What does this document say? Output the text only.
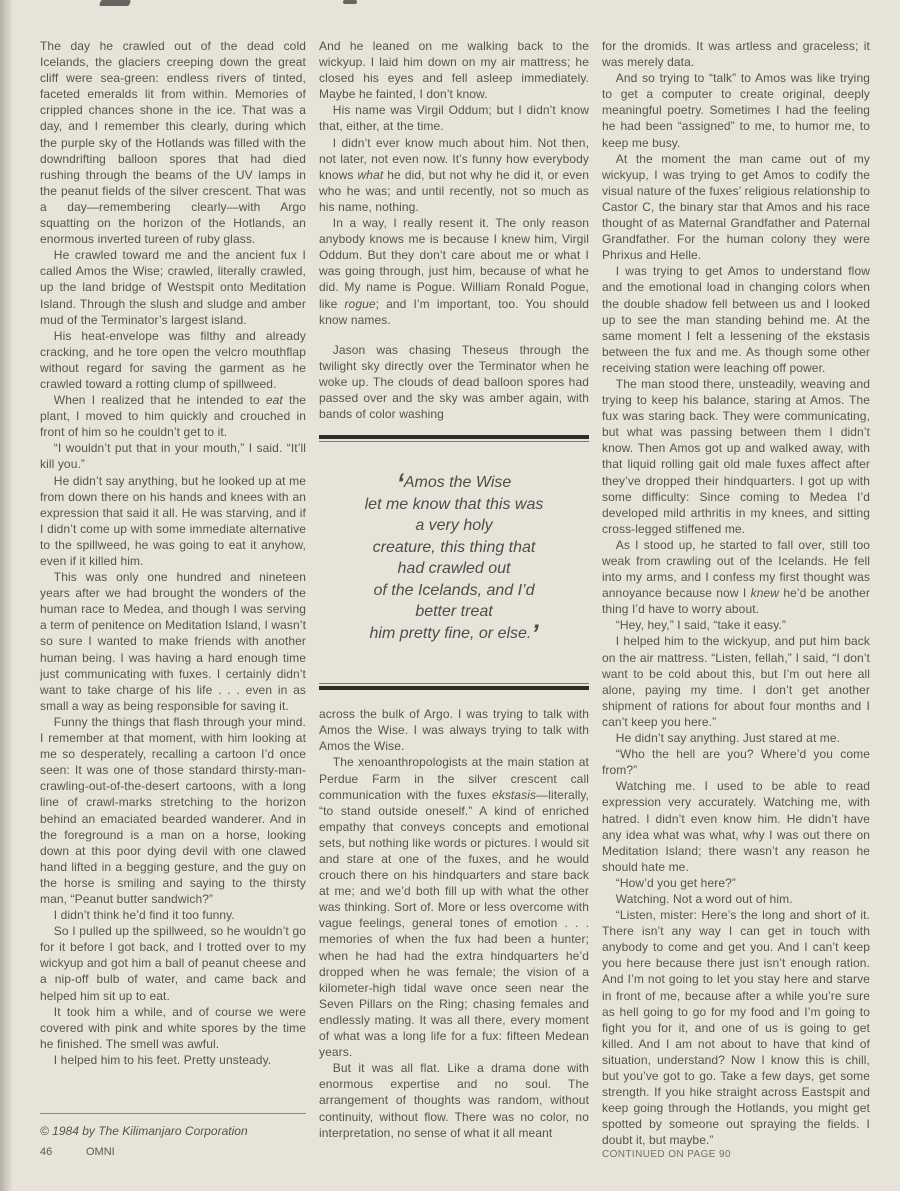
The day he crawled out of the dead cold Icelands, the glaciers creeping down the great cliff were sea-green: endless rivers of tinted, faceted emeralds lit from within. Memories of crippled chances shone in the ice. That was a day, and I remember this clearly, during which the purple sky of the Hotlands was filled with the downdrifting balloon spores that had died rushing through the beams of the UV lamps in the peanut fields of the silver crescent. That was a day—remembering clearly—with Argo squatting on the horizon of the Hotlands, an enormous inverted tureen of ruby glass.

He crawled toward me and the ancient fux I called Amos the Wise; crawled, literally crawled, up the land bridge of Westspit onto Meditation Island. Through the slush and sludge and amber mud of the Terminator’s largest island.

His heat-envelope was filthy and already cracking, and he tore open the velcro mouthflap without regard for saving the garment as he crawled toward a rotting clump of spillweed.

When I realized that he intended to eat the plant, I moved to him quickly and crouched in front of him so he couldn’t get to it.

“I wouldn’t put that in your mouth,” I said. “It’ll kill you.”

He didn’t say anything, but he looked up at me from down there on his hands and knees with an expression that said it all. He was starving, and if I didn’t come up with some immediate alternative to the spillweed, he was going to eat it anyhow, even if it killed him.

This was only one hundred and nineteen years after we had brought the wonders of the human race to Medea, and though I was serving a term of penitence on Meditation Island, I wasn’t so sure I wanted to make friends with another human being. I was having a hard enough time just communicating with fuxes. I certainly didn’t want to take charge of his life . . . even in as small a way as being responsible for saving it.

Funny the things that flash through your mind. I remember at that moment, with him looking at me so desperately, recalling a cartoon I’d once seen: It was one of those standard thirsty-man-crawling-out-of-the-desert cartoons, with a long line of crawl-marks stretching to the horizon behind an emaciated bearded wanderer. And in the foreground is a man on a horse, looking down at this poor dying devil with one clawed hand lifted in a begging gesture, and the guy on the horse is smiling and saying to the thirsty man, “Peanut butter sandwich?”

I didn’t think he’d find it too funny.

So I pulled up the spillweed, so he wouldn’t go for it before I got back, and I trotted over to my wickyup and got him a ball of peanut cheese and a nip-off bulb of water, and came back and helped him sit up to eat.

It took him a while, and of course we were covered with pink and white spores by the time he finished. The smell was awful.

I helped him to his feet. Pretty unsteady.

© 1984 by The Kilimanjaro Corporation
46	OMNI

And he leaned on me walking back to the wickyup. I laid him down on my air mattress; he closed his eyes and fell asleep immediately. Maybe he fainted, I don’t know.

His name was Virgil Oddum; but I didn’t know that, either, at the time.

I didn’t ever know much about him. Not then, not later, not even now. It’s funny how everybody knows what he did, but not why he did it, or even who he was; and until recently, not so much as his name, nothing.

In a way, I really resent it. The only reason anybody knows me is because I knew him, Virgil Oddum. But they don’t care about me or what I was going through, just him, because of what he did. My name is Pogue. William Ronald Pogue, like rogue; and I’m important, too. You should know names.

Jason was chasing Theseus through the twilight sky directly over the Terminator when he woke up. The clouds of dead balloon spores had passed over and the sky was amber again, with bands of color washing

‘Amos the Wise
let me know that this was
a very holy
creature, this thing that
had crawled out
of the Icelands, and I’d
better treat
him pretty fine, or else.’

across the bulk of Argo. I was trying to talk with Amos the Wise. I was always trying to talk with Amos the Wise.

The xenoanthropologists at the main station at Perdue Farm in the silver crescent call communication with the fuxes ekstasis—literally, “to stand outside oneself.” A kind of enriched empathy that conveys concepts and emotional sets, but nothing like words or pictures. I would sit and stare at one of the fuxes, and he would crouch there on his hindquarters and stare back at me; and we’d both fill up with what the other was thinking. Sort of. More or less overcome with vague feelings, general tones of emotion . . . memories of when the fux had been a hunter; when he had had the extra hindquarters he’d dropped when he was female; the vision of a kilometer-high tidal wave once seen near the Seven Pillars on the Ring; chasing females and endlessly mating. It was all there, every moment of what was a long life for a fux: fifteen Medean years.

But it was all flat. Like a drama done with enormous expertise and no soul. The arrangement of thoughts was random, without continuity, without flow. There was no color, no interpretation, no sense of what it all meant

for the dromids. It was artless and graceless; it was merely data.

And so trying to “talk” to Amos was like trying to get a computer to create original, deeply meaningful poetry. Sometimes I had the feeling he had been “assigned” to me, to humor me, to keep me busy.

At the moment the man came out of my wickyup, I was trying to get Amos to codify the visual nature of the fuxes’ religious relationship to Castor C, the binary star that Amos and his race thought of as Maternal Grandfather and Paternal Grandfather. For the human colony they were Phrixus and Helle.

I was trying to get Amos to understand flow and the emotional load in changing colors when the double shadow fell between us and I looked up to see the man standing behind me. At the same moment I felt a lessening of the ekstasis between the fux and me. As though some other receiving station were leaching off power.

The man stood there, unsteadily, weaving and trying to keep his balance, staring at Amos. The fux was staring back. They were communicating, but what was passing between them I didn’t know. Then Amos got up and walked away, with that liquid rolling gait old male fuxes affect after they’ve dropped their hindquarters. I got up with some difficulty: Since coming to Medea I’d developed mild arthritis in my knees, and sitting cross-legged stiffened me.

As I stood up, he started to fall over, still too weak from crawling out of the Icelands. He fell into my arms, and I confess my first thought was annoyance because now I knew he’d be another thing I’d have to worry about.

“Hey, hey,” I said, “take it easy.”

I helped him to the wickyup, and put him back on the air mattress. “Listen, fellah,” I said, “I don’t want to be cold about this, but I’m out here all alone, paying my time. I don’t get another shipment of rations for about four months and I can’t keep you here.”

He didn’t say anything. Just stared at me.

“Who the hell are you? Where’d you come from?”

Watching me. I used to be able to read expression very accurately. Watching me, with hatred. I didn’t even know him. He didn’t have any idea what was what, why I was out there on Meditation Island; there wasn’t any reason he should hate me.

“How’d you get here?”

Watching. Not a word out of him.

“Listen, mister: Here’s the long and short of it. There isn’t any way I can get in touch with anybody to come and get you. And I can’t keep you here because there just isn’t enough ration. And I’m not going to let you stay here and starve in front of me, because after a while you’re sure as hell going to go for my food and I’m going to fight you for it, and one of us is going to get killed. And I am not about to have that kind of situation, understand? Now I know this is chill, but you’ve got to go. Take a few days, get some strength. If you hike straight across Eastspit and keep going through the Hotlands, you might get spotted by someone out spraying the fields. I doubt it, but maybe.”

CONTINUED ON PAGE 90
